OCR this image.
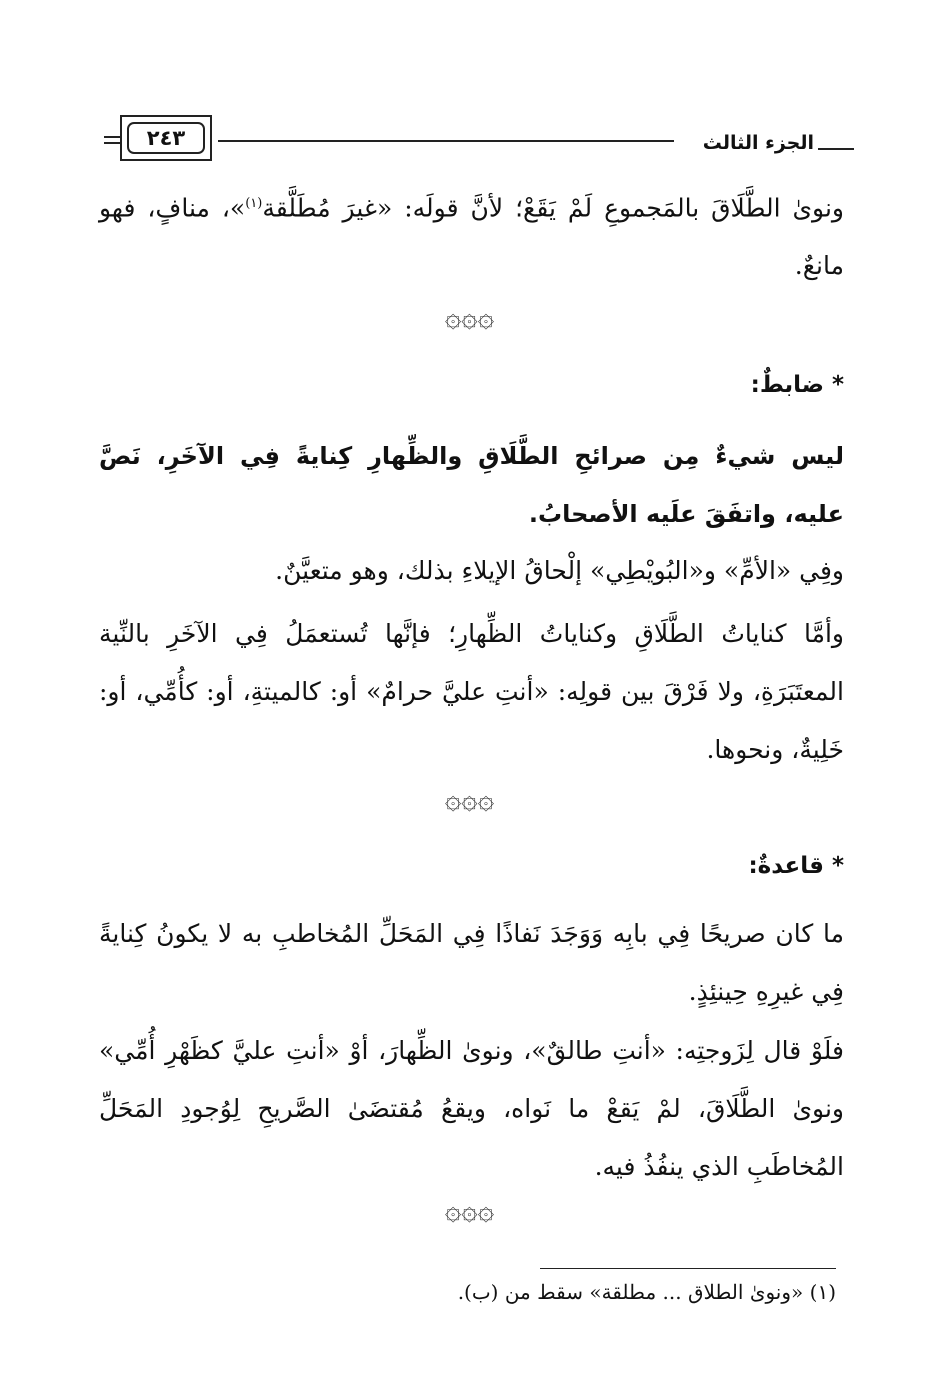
الجزء الثالث
٢٤٣
ونوىٰ الطَّلَاقَ بالمَجموعِ لَمْ يَقَعْ؛ لأنَّ قولَه: «غيرَ مُطَلَّقة$^{(١)}$»، منافٍ، فهو مانعٌ.
۞۞۞
* ضابطٌ:
ليس شيءٌ مِن صرائحِ الطَّلَاقِ والظِّهارِ كِنايةً فِي الآخَرِ، نَصَّ عليه، واتفَقَ علَيه الأصحابُ.
وفِي «الأمِّ» و«البُويْطِي» إلْحاقُ الإيلاءِ بذلك، وهو متعيَّنٌ.
وأمَّا كناياتُ الطَّلَاقِ وكناياتُ الظِّهارِ؛ فإنَّها تُستعمَلُ فِي الآخَرِ بالنِّية المعتَبَرَةِ، ولا فَرْقَ بين قولِه: «أنتِ عليَّ حرامٌ» أو: كالميتةِ، أو: كأُمِّي، أو: خَلِيةٌ، ونحوها.
۞۞۞
* قاعدةٌ:
ما كان صريحًا فِي بابِه وَوَجَدَ نَفاذًا فِي المَحَلِّ المُخاطبِ به لا يكونُ كِنايةً فِي غيرِهِ حِينئِذٍ.
فلَوْ قال لِزَوجتِه: «أنتِ طالقٌ»، ونوىٰ الظِّهارَ، أوْ «أنتِ عليَّ كظَهْرِ أُمِّي» ونوىٰ الطَّلَاقَ، لمْ يَقعْ ما نَواه، ويقعُ مُقتضَىٰ الصَّريحِ لِوُجودِ المَحَلِّ المُخاطَبِ الذي ينفُذُ فيه.
۞۞۞
(١) «ونوىٰ الطلاق ... مطلقة» سقط من (ب).
